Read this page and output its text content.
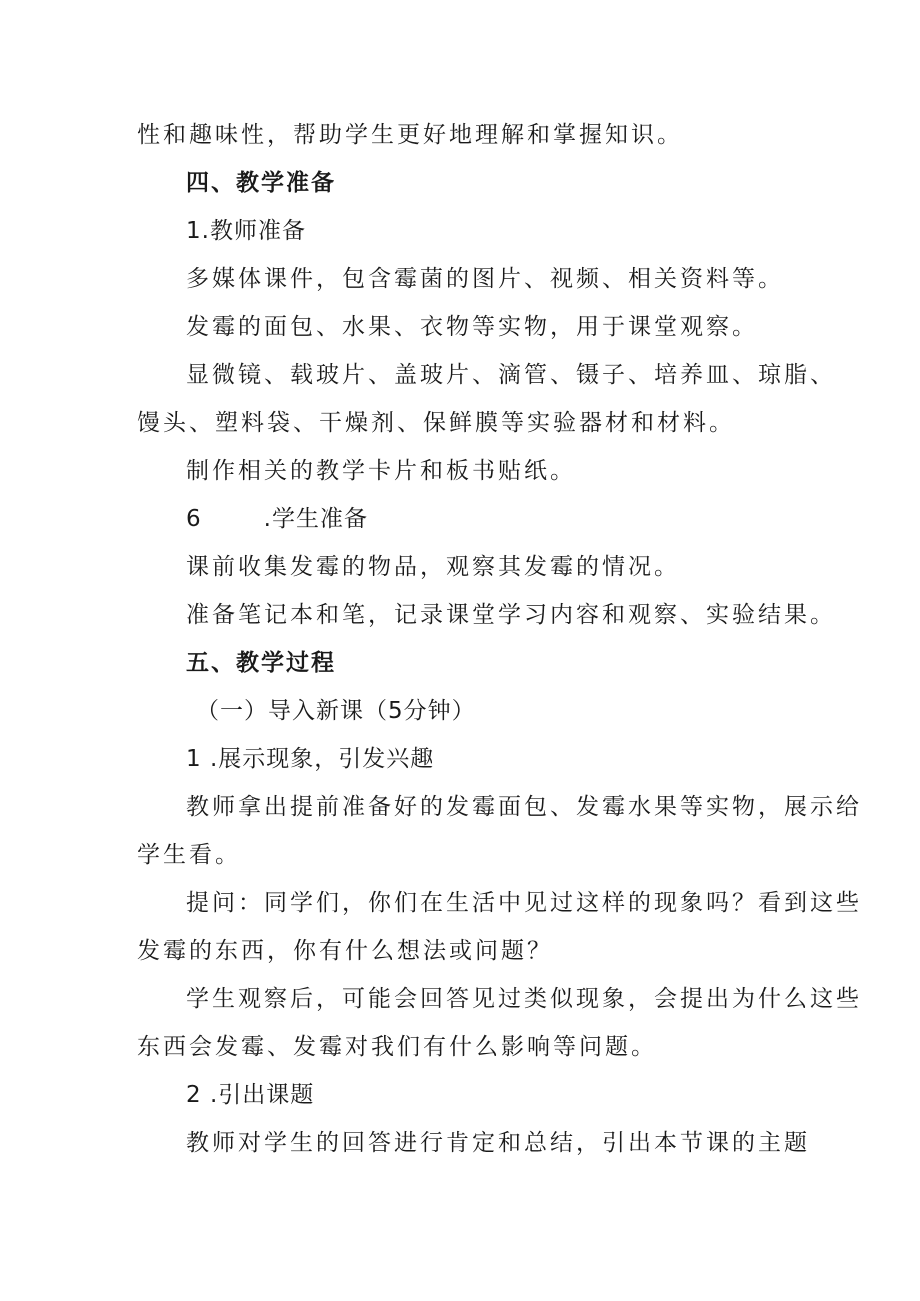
性和趣味性，帮助学生更好地理解和掌握知识。
四、教学准备
1.教师准备
多媒体课件，包含霉菌的图片、视频、相关资料等。
发霉的面包、水果、衣物等实物，用于课堂观察。
显微镜、载玻片、盖玻片、滴管、镊子、培养皿、琼脂、
馒头、塑料袋、干燥剂、保鲜膜等实验器材和材料。
制作相关的教学卡片和板书贴纸。
6	.学生准备
课前收集发霉的物品，观察其发霉的情况。
准备笔记本和笔，记录课堂学习内容和观察、实验结果。
五、教学过程
（一）导入新课（5分钟）
1 .展示现象，引发兴趣
教师拿出提前准备好的发霉面包、发霉水果等实物，展示给
学生看。
提问：同学们，你们在生活中见过这样的现象吗？看到这些
发霉的东西，你有什么想法或问题？
学生观察后，可能会回答见过类似现象，会提出为什么这些
东西会发霉、发霉对我们有什么影响等问题。
2 .引出课题
教师对学生的回答进行肯定和总结，引出本节课的主题
